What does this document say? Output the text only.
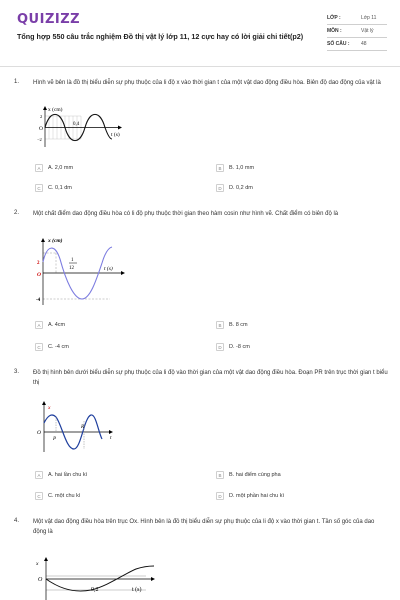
QUIZIZZ
Tổng hợp 550 câu trắc nghiệm Đồ thị vật lý lớp 11, 12 cực hay có lời giải chi tiết(p2)
LỚP :	Lớp 11
MÔN :	Vật lý
SỐ CÂU :	48
1. Hình vẽ bên là đồ thị biểu diễn sự phụ thuộc của li độ x vào thời gian t của một vật dao động điều hòa. Biên độ dao động của vật là
x (cm)
t (s)
O
2
−2
0,4
A	A. 2,0 mm	B	B. 1,0 mm
C	C. 0,1 dm	D	D. 0,2 dm
2. Một chất điểm dao động điều hòa có li độ phụ thuộc thời gian theo hàm cosin như hình vẽ. Chất điểm có biên độ là
x (cm)
t (s)
O
2
-4
1
12
A	A. 4cm	B	B. 8 cm
C	C. -4 cm	D	D. -8 cm
3. Đồ thị hình bên dưới biểu diễn sự phụ thuộc của li độ vào thời gian của một vật dao động điều hòa. Đoạn PR trên trục thời gian t biểu thị
x
t
O
P
R
A	A. hai lần chu kì	B	B. hai điểm cùng pha
C	C. một chu kì	D	D. một phần hai chu kì
4. Một vật dao động điều hòa trên trục Ox. Hình bên là đồ thị biểu diễn sự phụ thuộc của li độ x vào thời gian t. Tần số góc của dao động là
x
t (s)
O
0,2
